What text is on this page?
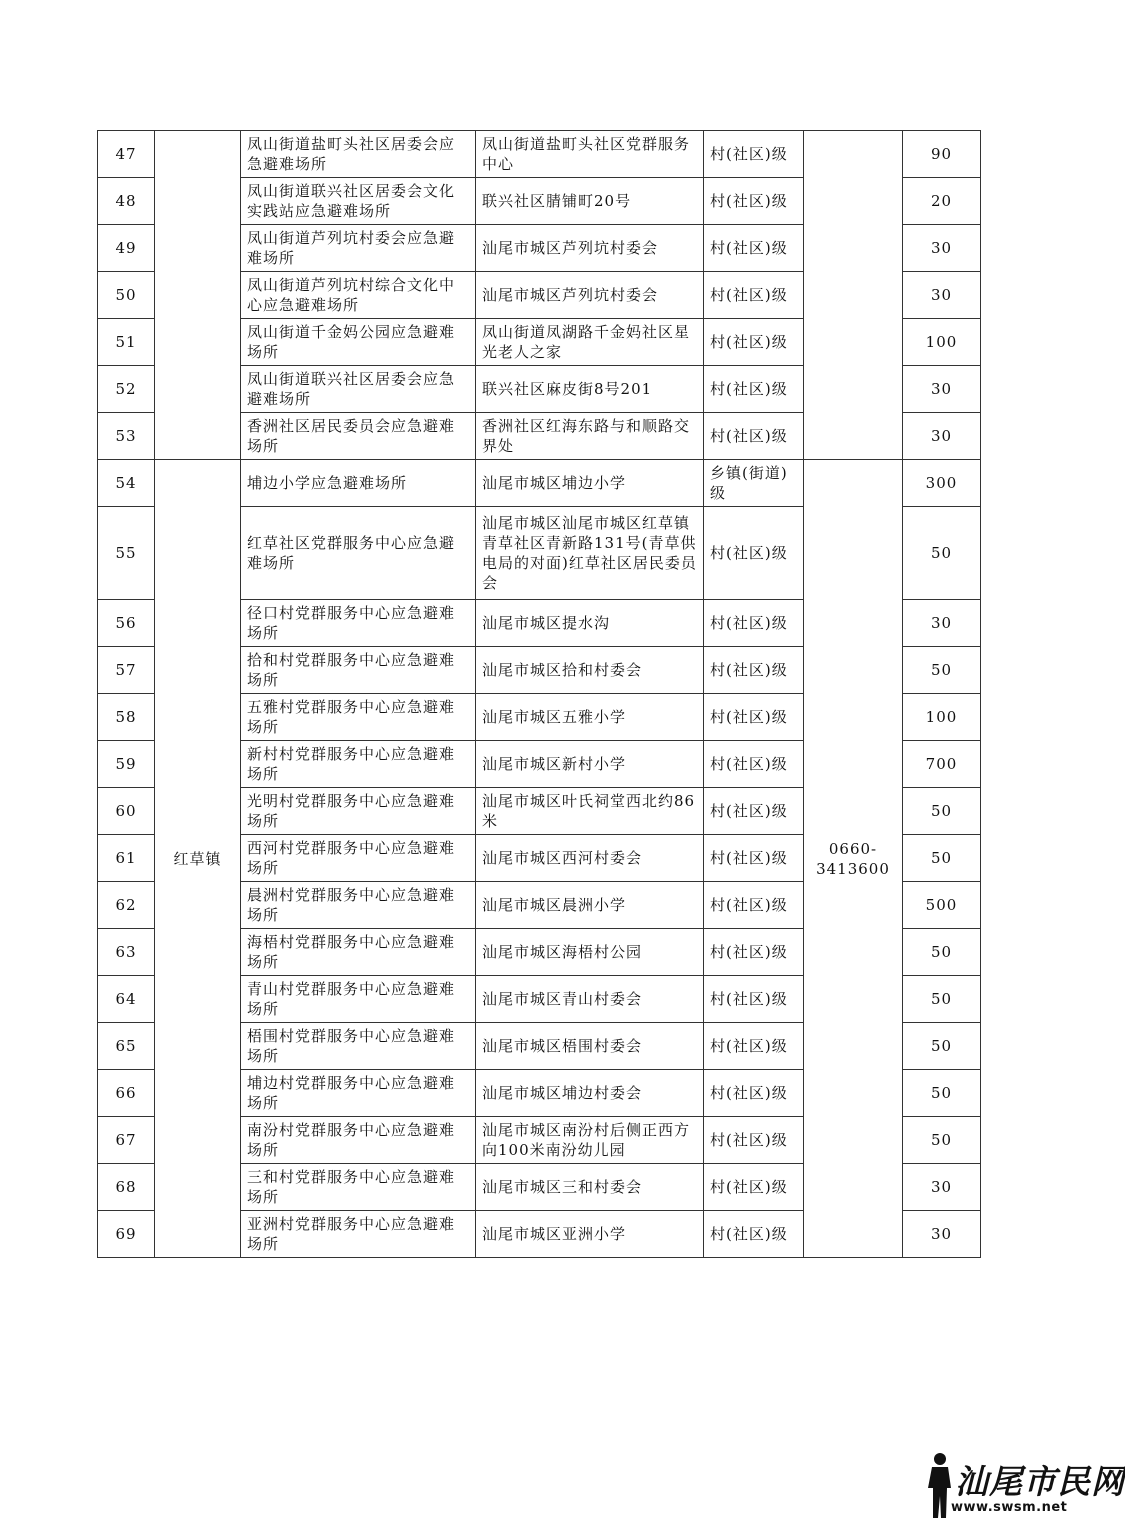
47		凤山街道盐町头社区居委会应急避难场所	凤山街道盐町头社区党群服务中心	村(社区)级		90
48		凤山街道联兴社区居委会文化实践站应急避难场所	联兴社区腈铺町20号	村(社区)级		20
49		凤山街道芦列坑村委会应急避难场所	汕尾市城区芦列坑村委会	村(社区)级		30
50		凤山街道芦列坑村综合文化中心应急避难场所	汕尾市城区芦列坑村委会	村(社区)级		30
51		凤山街道千金妈公园应急避难场所	凤山街道凤湖路千金妈社区星光老人之家	村(社区)级		100
52		凤山街道联兴社区居委会应急避难场所	联兴社区麻皮街8号201	村(社区)级		30
53		香洲社区居民委员会应急避难场所	香洲社区红海东路与和顺路交界处	村(社区)级		30
54	红草镇	埔边小学应急避难场所	汕尾市城区埔边小学	乡镇(街道)级	0660-3413600	300
55		红草社区党群服务中心应急避难场所	汕尾市城区汕尾市城区红草镇青草社区青新路131号(青草供电局的对面)红草社区居民委员会	村(社区)级		50
56		径口村党群服务中心应急避难场所	汕尾市城区提水沟	村(社区)级		30
57		拾和村党群服务中心应急避难场所	汕尾市城区拾和村委会	村(社区)级		50
58		五雅村党群服务中心应急避难场所	汕尾市城区五雅小学	村(社区)级		100
59		新村村党群服务中心应急避难场所	汕尾市城区新村小学	村(社区)级		700
60		光明村党群服务中心应急避难场所	汕尾市城区叶氏祠堂西北约86米	村(社区)级		50
61		西河村党群服务中心应急避难场所	汕尾市城区西河村委会	村(社区)级		50
62		晨洲村党群服务中心应急避难场所	汕尾市城区晨洲小学	村(社区)级		500
63		海梧村党群服务中心应急避难场所	汕尾市城区海梧村公园	村(社区)级		50
64		青山村党群服务中心应急避难场所	汕尾市城区青山村委会	村(社区)级		50
65		梧围村党群服务中心应急避难场所	汕尾市城区梧围村委会	村(社区)级		50
66		埔边村党群服务中心应急避难场所	汕尾市城区埔边村委会	村(社区)级		50
67		南汾村党群服务中心应急避难场所	汕尾市城区南汾村后侧正西方向100米南汾幼儿园	村(社区)级		50
68		三和村党群服务中心应急避难场所	汕尾市城区三和村委会	村(社区)级		30
69		亚洲村党群服务中心应急避难场所	汕尾市城区亚洲小学	村(社区)级		30
汕尾市民网
www.swsm.net
